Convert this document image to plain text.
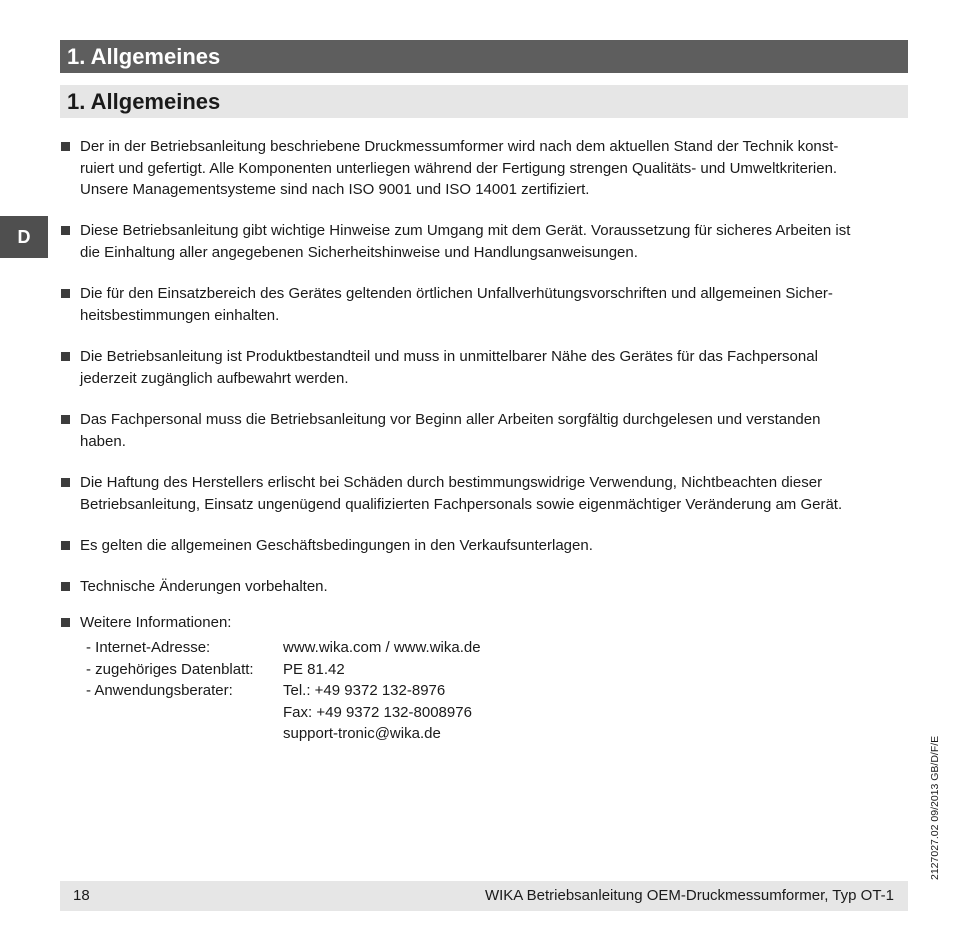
1. Allgemeines
1. Allgemeines
D
Der in der Betriebsanleitung beschriebene Druckmessumformer wird nach dem aktuellen Stand der Technik konst-
ruiert und gefertigt. Alle Komponenten unterliegen während der Fertigung strengen Qualitäts- und Umweltkriterien.
Unsere Managementsysteme sind nach ISO 9001 und ISO 14001 zertifiziert.
Diese Betriebsanleitung gibt wichtige Hinweise zum Umgang mit dem Gerät. Voraussetzung für sicheres Arbeiten ist
die Einhaltung aller angegebenen Sicherheitshinweise und Handlungsanweisungen.
Die für den Einsatzbereich des Gerätes geltenden örtlichen Unfallverhütungsvorschriften und allgemeinen Sicher-
heitsbestimmungen einhalten.
Die Betriebsanleitung ist Produktbestandteil und muss in unmittelbarer Nähe des Gerätes für das Fachpersonal
jederzeit zugänglich aufbewahrt werden.
Das Fachpersonal muss die Betriebsanleitung vor Beginn aller Arbeiten sorgfältig durchgelesen und verstanden
haben.
Die Haftung des Herstellers erlischt bei Schäden durch bestimmungswidrige Verwendung, Nichtbeachten dieser
Betriebsanleitung, Einsatz ungenügend qualifizierten Fachpersonals sowie eigenmächtiger Veränderung am Gerät.
Es gelten die allgemeinen Geschäftsbedingungen in den Verkaufsunterlagen.
Technische Änderungen vorbehalten.
Weitere Informationen:
- Internet-Adresse:	www.wika.com / www.wika.de
- zugehöriges Datenblatt:	PE 81.42
- Anwendungsberater:	Tel.: +49 9372 132-8976
Fax: +49 9372 132-8008976
support-tronic@wika.de
18	WIKA Betriebsanleitung OEM-Druckmessumformer, Typ OT-1
2127027.02 09/2013 GB/D/F/E
